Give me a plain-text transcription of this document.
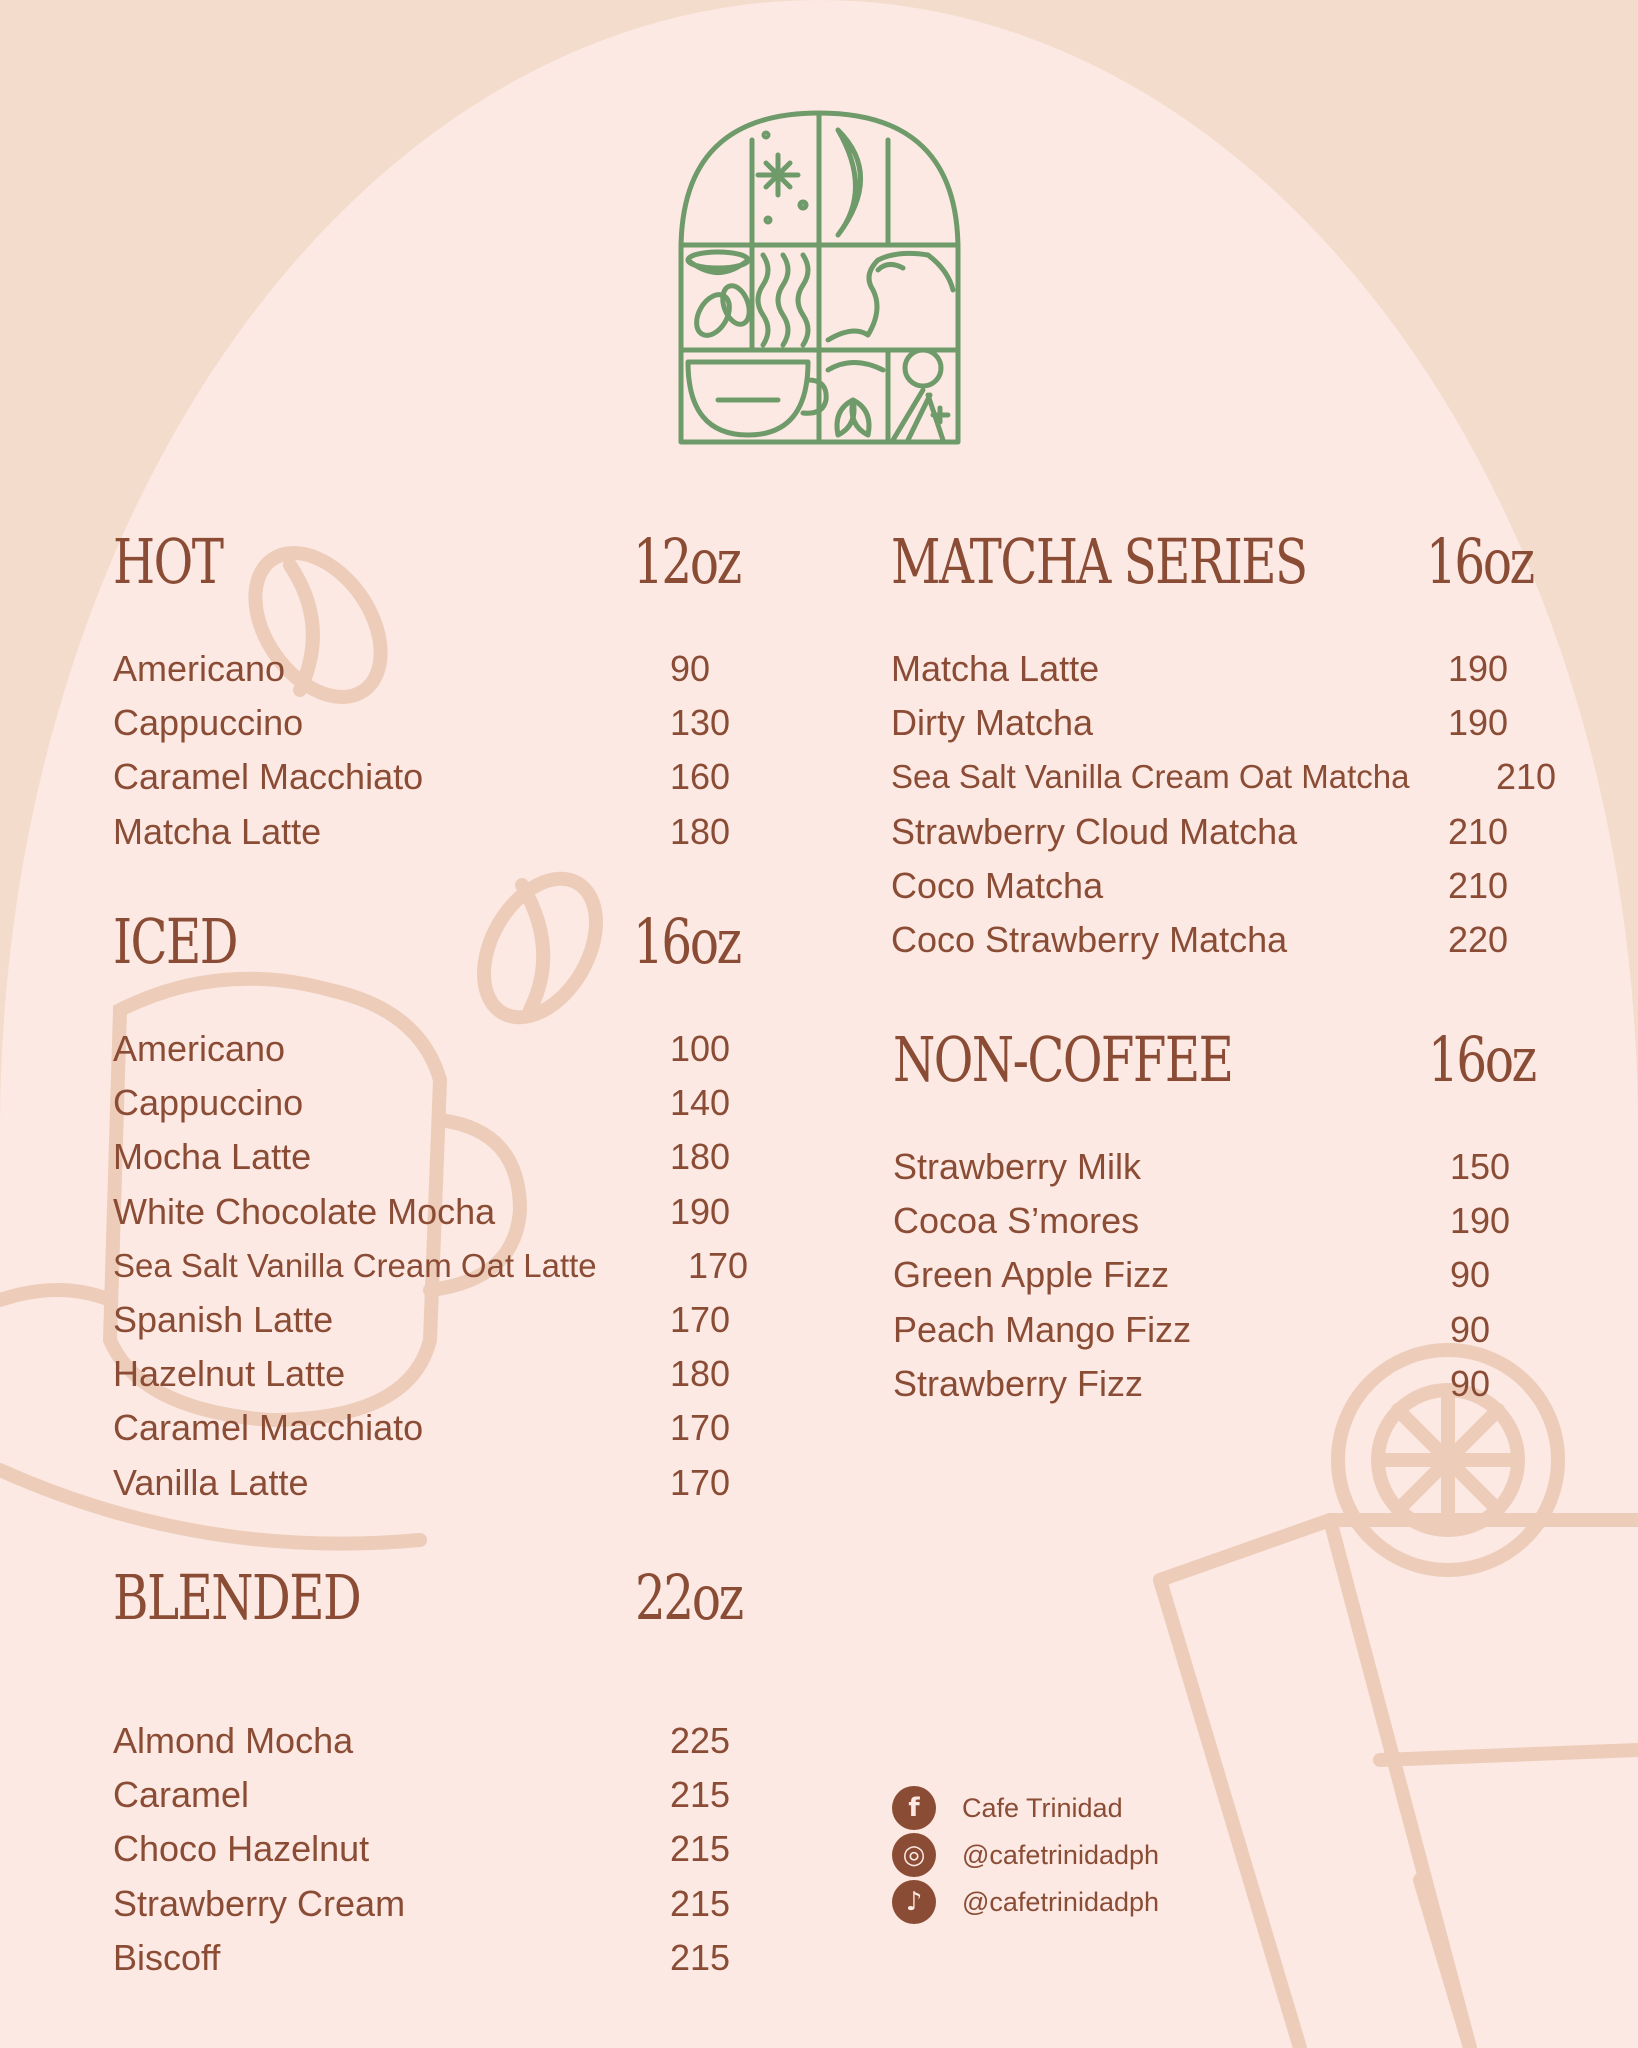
HOT	12oz
Americano	90
Cappuccino	130
Caramel Macchiato	160
Matcha Latte	180
ICED	16oz
Americano	100
Cappuccino	140
Mocha Latte	180
White Chocolate Mocha	190
Sea Salt Vanilla Cream Oat Latte	170
Spanish Latte	170
Hazelnut Latte	180
Caramel Macchiato	170
Vanilla Latte	170
BLENDED	22oz
Almond Mocha	225
Caramel	215
Choco Hazelnut	215
Strawberry Cream	215
Biscoff	215
MATCHA SERIES 16oz
Matcha Latte	190
Dirty Matcha	190
Sea Salt Vanilla Cream Oat Matcha 210
Strawberry Cloud Matcha	210
Coco Matcha	210
Coco Strawberry Matcha	220
NON-COFFEE	16oz
Strawberry Milk	150
Cocoa S’mores	190
Green Apple Fizz	90
Peach Mango Fizz	90
Strawberry Fizz	90
f	Cafe Trinidad
◎	@cafetrinidadph
♪	@cafetrinidadph
